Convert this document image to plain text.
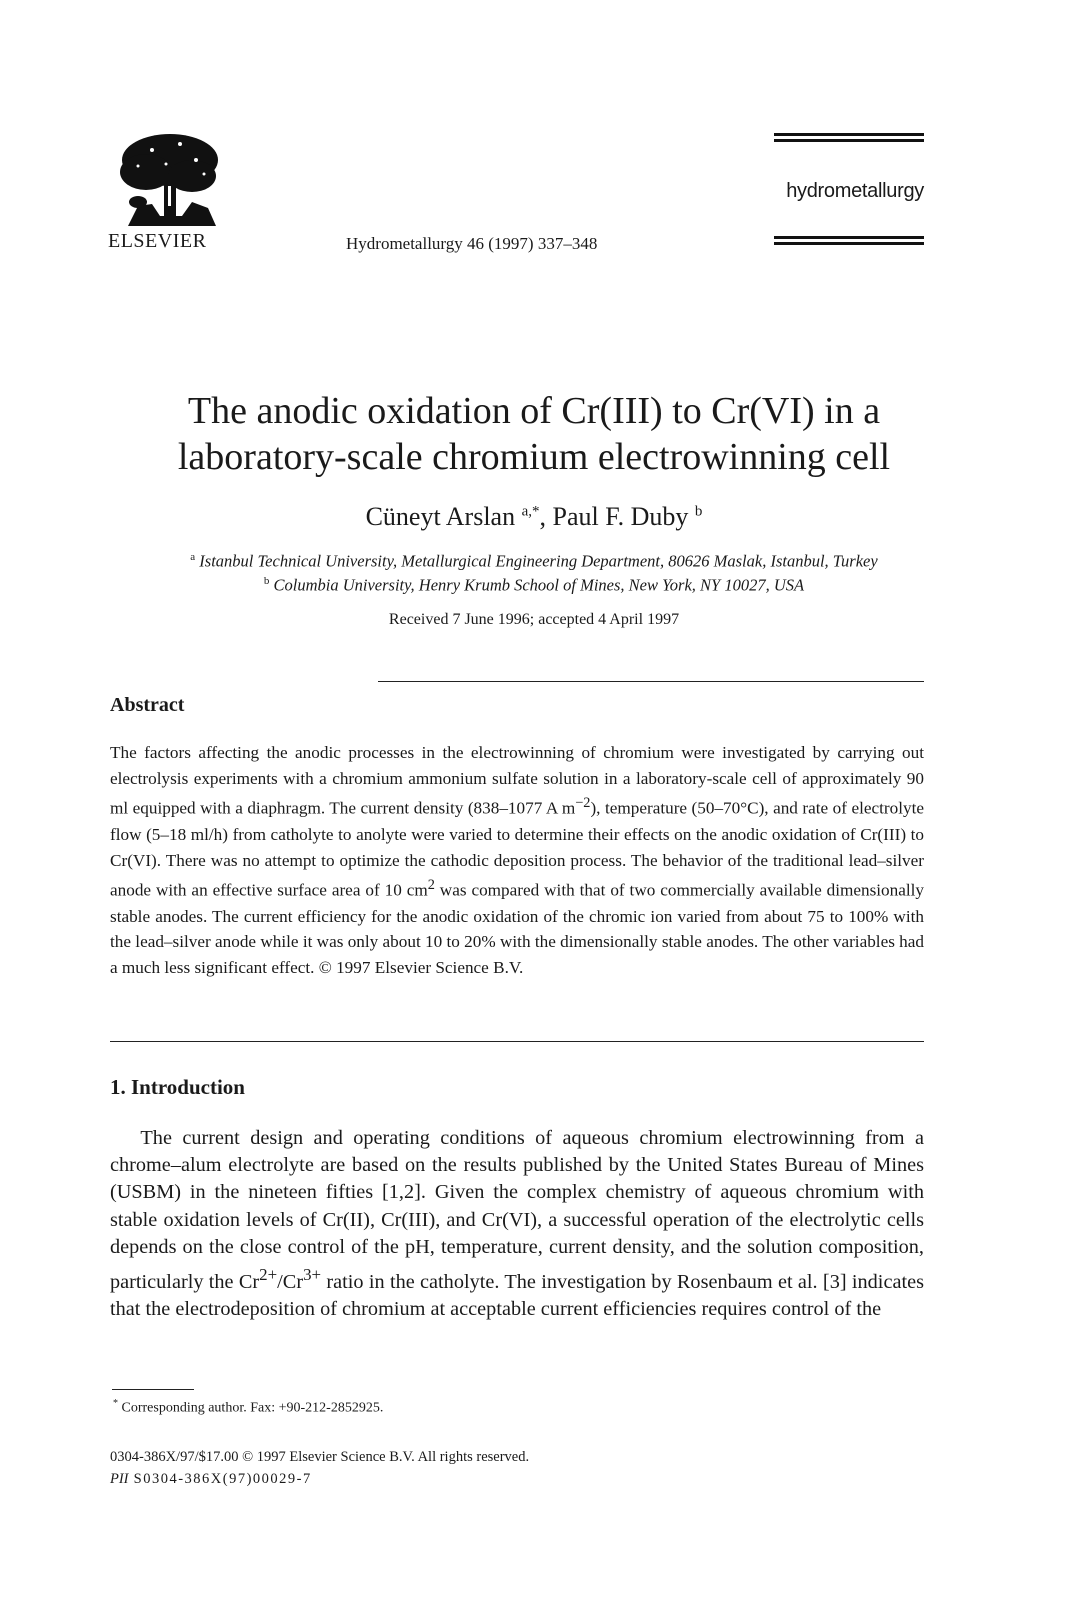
ELSEVIER	Hydrometallurgy 46 (1997) 337–348
hydrometallurgy
The anodic oxidation of Cr(III) to Cr(VI) in a
laboratory-scale chromium electrowinning cell
Cüneyt Arslan $^{a,*}$, Paul F. Duby $^b$
$^a$ Istanbul Technical University, Metallurgical Engineering Department, 80626 Maslak, Istanbul, Turkey
$^b$ Columbia University, Henry Krumb School of Mines, New York, NY 10027, USA
Received 7 June 1996; accepted 4 April 1997
Abstract
The factors affecting the anodic processes in the electrowinning of chromium were investigated by carrying out electrolysis experiments with a chromium ammonium sulfate solution in a laboratory-scale cell of approximately 90 ml equipped with a diaphragm. The current density (838–1077 A $m^{-2}$), temperature (50–70°C), and rate of electrolyte flow (5–18 ml/h) from catholyte to anolyte were varied to determine their effects on the anodic oxidation of Cr(III) to Cr(VI). There was no attempt to optimize the cathodic deposition process. The behavior of the traditional lead–silver anode with an effective surface area of 10 $cm^2$ was compared with that of two commercially available dimensionally stable anodes. The current efficiency for the anodic oxidation of the chromic ion varied from about 75 to 100% with the lead–silver anode while it was only about 10 to 20% with the dimensionally stable anodes. The other variables had a much less significant effect. © 1997 Elsevier Science B.V.
1. Introduction
  The current design and operating conditions of aqueous chromium electrowinning from a chrome–alum electrolyte are based on the results published by the United States Bureau of Mines (USBM) in the nineteen fifties [1,2]. Given the complex chemistry of aqueous chromium with stable oxidation levels of Cr(II), Cr(III), and Cr(VI), a successful operation of the electrolytic cells depends on the close control of the pH, temperature, current density, and the solution composition, particularly the $Cr^{2+}/Cr^{3+}$ ratio in the catholyte. The investigation by Rosenbaum et al. [3] indicates that the electrodeposition of chromium at acceptable current efficiencies requires control of the
* Corresponding author. Fax: +90-212-2852925.
0304-386X/97/$17.00 © 1997 Elsevier Science B.V. All rights reserved.
PII S0304-386X(97)00029-7
